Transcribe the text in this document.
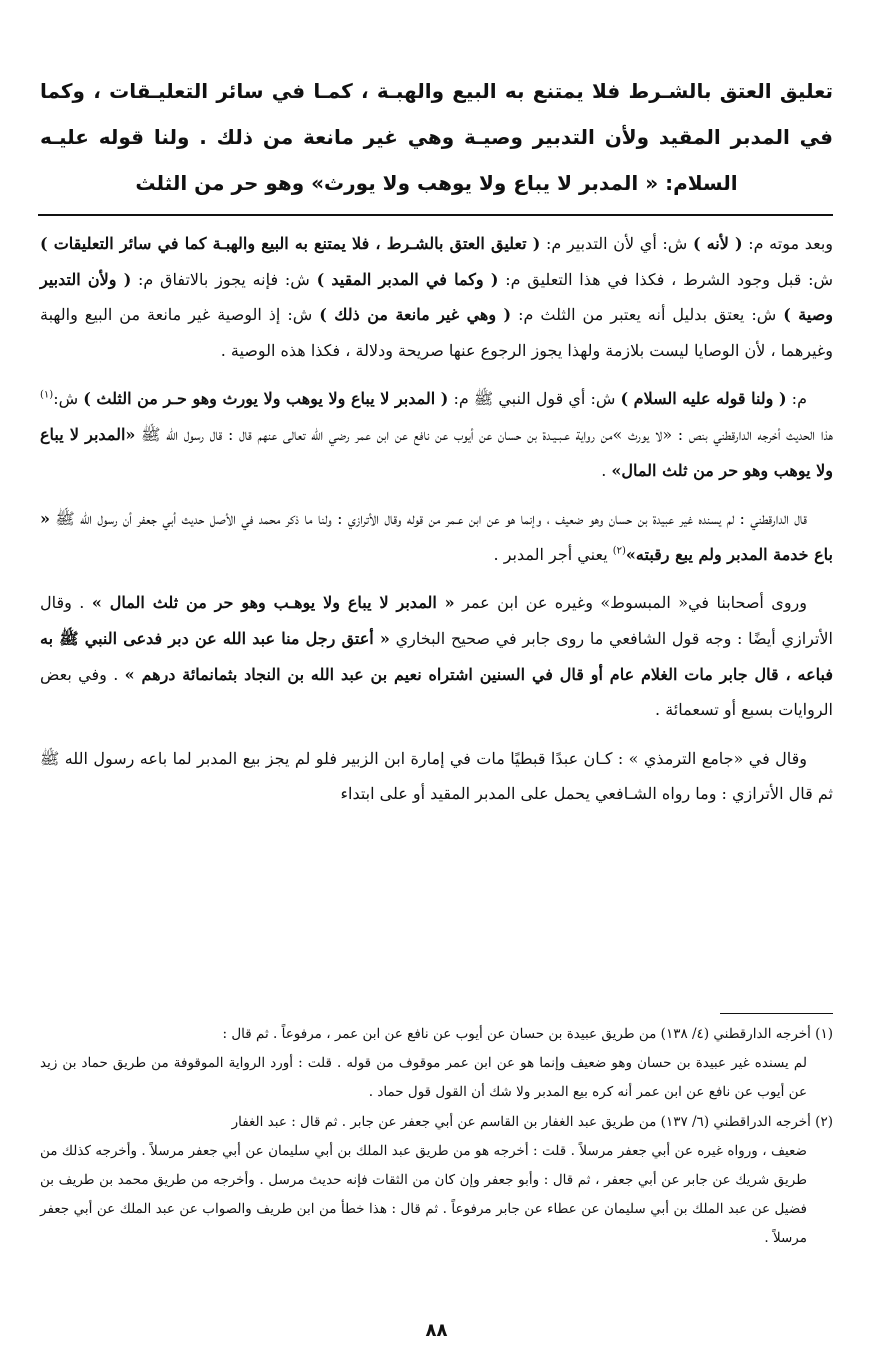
تعليق العتق بالشـرط فلا يمتنع به البيع والهبـة ، كمـا في سائر التعليـقات ، وكما في المدبر المقيد ولأن التدبير وصيـة وهي غير مانعة من ذلك . ولنا قوله عليـه السلام: « المدبر لا يباع ولا يوهب ولا يورث» وهو حر من الثلث

وبعد موته م: ( لأنه ) ش: أي لأن التدبير م: ( تعليق العتق بالشـرط ، فلا يمتنع به البيع والهبـة كما في سائر التعليقات ) ش: قبل وجود الشرط ، فكذا في هذا التعليق م: ( وكما في المدبر المقيد ) ش: فإنه يجوز بالاتفاق م: ( ولأن التدبير وصية ) ش: يعتق بدليل أنه يعتبر من الثلث م: ( وهي غير مانعة من ذلك ) ش: إذ الوصية غير مانعة من البيع والهبة وغيرهما ، لأن الوصايا ليست بلازمة ولهذا يجوز الرجوع عنها صريحة ودلالة ، فكذا هذه الوصية .

م: ( ولنا قوله عليه السلام ) ش: أي قول النبي ﷺ م: ( المدبر لا يباع ولا يوهب ولا يورث وهو حـر من الثلث ) ش:$^{(١)}$ هذا الحديث أخرجه الدارقطني بنص : «لا يورث »من رواية عـبـيـدة بن حسان عن أيوب عن نافع عن ابن عمر رضي الله تعالى عنهم قال : قال رسول الله ﷺ «المدبر لا يباع ولا يوهب وهو حر من ثلث المال» .

قال الدارقطني : لم يسنده غير عبيدة بن حسان وهو ضعيف ، وإنما هو عن ابن عـمر من قوله وقال الأترازي : ولنا ما ذكر محمد في الأصل حديث أبي جعفر أن رسول الله ﷺ « باع خدمة المدبر ولم يبع رقبته»$^{(٢)}$ يعني أجر المدبر .

وروى أصحابنا في« المبسوط» وغيره عن ابن عمر « المدبر لا يباع ولا يوهـب وهو حر من ثلث المال » . وقال الأترازي أيضًا : وجه قول الشافعي ما روى جابر في صحيح البخاري « أعتق رجل منا عبد الله عن دبر فدعى النبي ﷺ به فباعه ، قال جابر مات الغلام عام أو قال في السنين اشتراه نعيم بن عبد الله بن النجاد بثمانمائة درهم » . وفي بعض الروايات بسبع أو تسعمائة .

وقال في «جامع الترمذي » : كـان عبدًا قبطيًا مات في إمارة ابن الزبير فلو لم يجز بيع المدبر لما باعه رسول الله ﷺ ثم قال الأترازي : وما رواه الشـافعي يحمل على المدبر المقيد أو على ابتداء

(١) أخرجه الدارقطني (٤/ ١٣٨) من طريق عبيدة بن حسان عن أيوب عن نافع عن ابن عمر ، مرفوعاً . ثم قال :
لم يسنده غير عبيدة بن حسان وهو ضعيف وإنما هو عن ابن عمر موقوف من قوله . قلت : أورد الرواية الموقوفة من طريق حماد بن زيد عن أيوب عن نافع عن ابن عمر أنه كره بيع المدبر ولا شك أن القول قول حماد .
(٢) أخرجه الدراقطني (٦/ ١٣٧) من طريق عبد الغفار بن القاسم عن أبي جعفر عن جابر . ثم قال : عبد الغفار
ضعيف ، ورواه غيره عن أبي جعفر مرسلاً . قلت : أخرجه هو من طريق عبد الملك بن أبي سليمان عن أبي جعفر مرسلاً . وأخرجه كذلك من طريق شريك عن جابر عن أبي جعفر ، ثم قال : وأبو جعفر وإن كان من الثقات فإنه حديث مرسل . وأخرجه من طريق محمد بن طريف بن فضيل عن عبد الملك بن أبي سليمان عن عطاء عن جابر مرفوعاً . ثم قال : هذا خطأ من ابن طريف والصواب عن عبد الملك عن أبي جعفر مرسلاً .
٨٨
